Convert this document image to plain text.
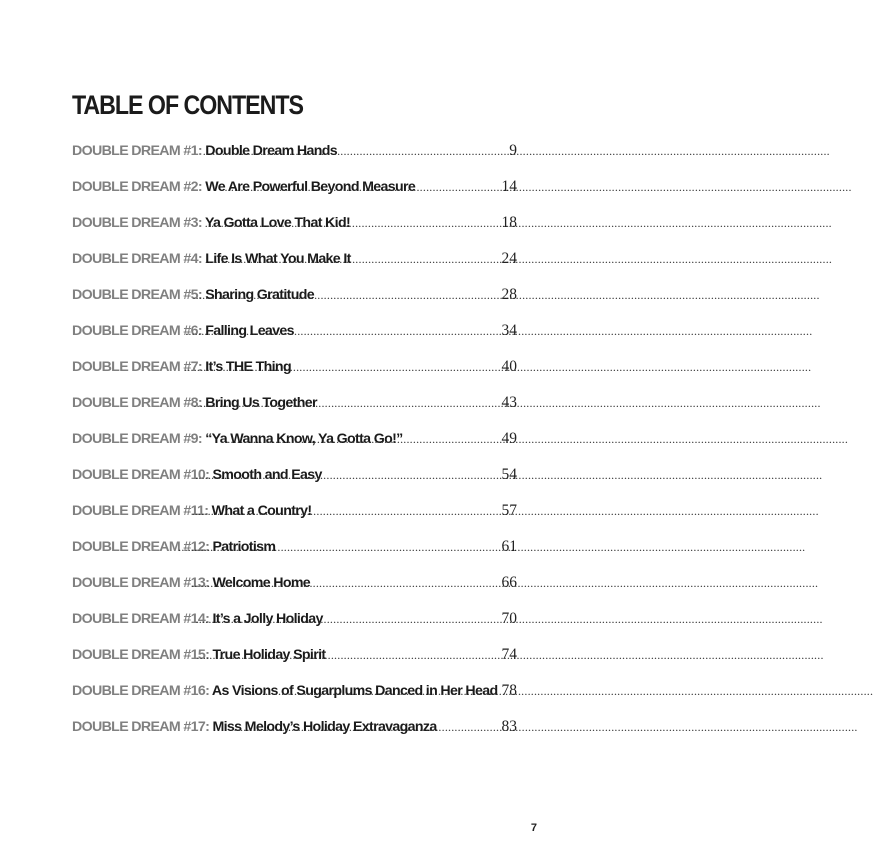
TABLE OF CONTENTS
DOUBLE DREAM #1: Double Dream Hands .....	9
DOUBLE DREAM #2: We Are Powerful Beyond Measure .....	14
DOUBLE DREAM #3: Ya Gotta Love That Kid! .....	18
DOUBLE DREAM #4: Life Is What You Make It .....	24
DOUBLE DREAM #5: Sharing Gratitude .....	28
DOUBLE DREAM #6: Falling Leaves .....	34
DOUBLE DREAM #7: It’s THE Thing .....	40
DOUBLE DREAM #8: Bring Us Together .....	43
DOUBLE DREAM #9: “Ya Wanna Know, Ya Gotta Go!” .....	49
DOUBLE DREAM #10: Smooth and Easy .....	54
DOUBLE DREAM #11: What a Country! .....	57
DOUBLE DREAM #12: Patriotism .....	61
DOUBLE DREAM #13: Welcome Home .....	66
DOUBLE DREAM #14: It’s a Jolly Holiday .....	70
DOUBLE DREAM #15: True Holiday Spirit .....	74
DOUBLE DREAM #16: As Visions of Sugarplums Danced in Her Head ..... 78
DOUBLE DREAM #17: Miss Melody’s Holiday Extravaganza .....	83
7
